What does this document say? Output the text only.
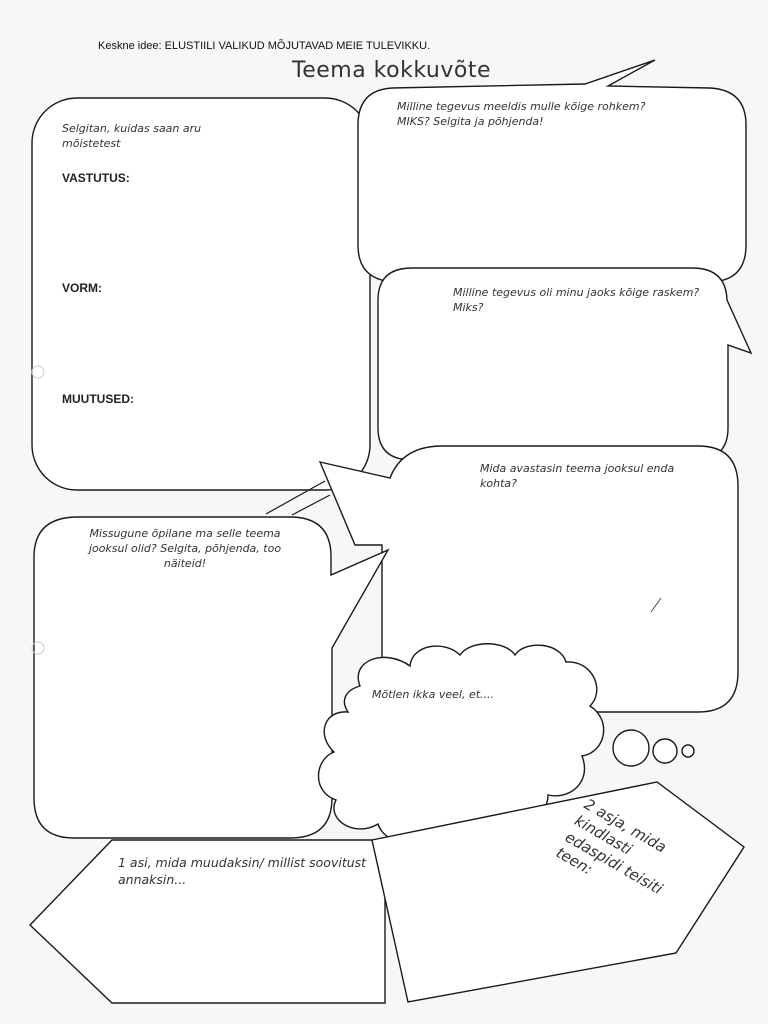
Keskne idee: ELUSTIILI VALIKUD MÕJUTAVAD MEIE TULEVIKKU.

Teema kokkuvõte

Selgitan, kuidas saan aru mõistetest

VASTUTUS:

VORM:

MUUTUSED:

Milline tegevus meeldis mulle kõige rohkem? MIKS? Selgita ja põhjenda!

Milline tegevus oli minu jaoks kõige raskem? Miks?

Mida avastasin teema jooksul enda kohta?

Missugune õpilane ma selle teema jooksul olid? Selgita, põhjenda, too näiteid!

Mõtlen ikka veel, et....

1 asi, mida muudaksin/ millist soovitust annaksin...

2 asja, mida kindlasti edaspidi teisiti teen:
